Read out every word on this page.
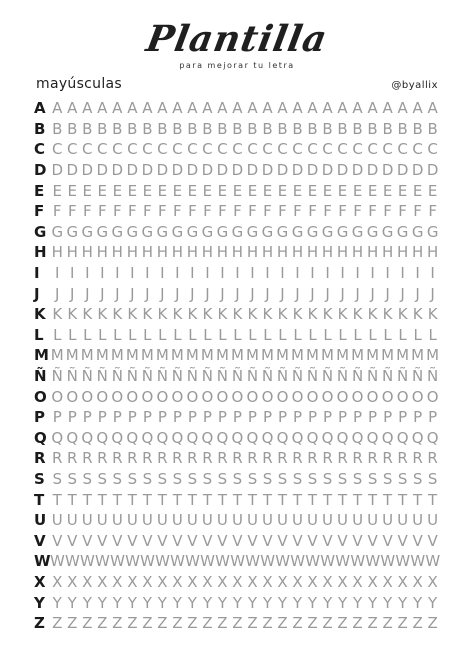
Plantilla
para mejorar tu letra
mayúsculas	@byallix
A A A A A A A A A A A A A A A A A A A A A A A A A A A
B B B B B B B B B B B B B B B B B B B B B B B B B B B
C C C C C C C C C C C C C C C C C C C C C C C C C C C
D D D D D D D D D D D D D D D D D D D D D D D D D D D
E E E E E E E E E E E E E E E E E E E E E E E E E E E
F F F F F F F F F F F F F F F F F F F F F F F F F F F
G G G G G G G G G G G G G G G G G G G G G G G G G G G
H H H H H H H H H H H H H H H H H H H H H H H H H H H
I	I I I I I I I I I I I I I I I I I I I I I I I I I I
J	J J J J J J J J J J J J J J J J J J J J J J J J J J
K K K K K K K K K K K K K K K K K K K K K K K K K K K
L L L L L L L L L L L L L L L L L L L L L L L L L L L
M M M M M M M M M M M M M M M M M M M M M M M M M M M
Ñ Ñ Ñ Ñ Ñ Ñ Ñ Ñ Ñ Ñ Ñ Ñ Ñ Ñ Ñ Ñ Ñ Ñ Ñ Ñ Ñ Ñ Ñ Ñ Ñ Ñ Ñ
O O O O O O O O O O O O O O O O O O O O O O O O O O O
P P P P P P P P P P P P P P P P P P P P P P P P P P P
Q Q Q Q Q Q Q Q Q Q Q Q Q Q Q Q Q Q Q Q Q Q Q Q Q Q Q
R R R R R R R R R R R R R R R R R R R R R R R R R R R
S S S S S S S S S S S S S S S S S S S S S S S S S S S
T T T T T T T T T T T T T T T T T T T T T T T T T T T
U U U U U U U U U U U U U U U U U U U U U U U U U U U
V V V V V V V V V V V V V V V V V V V V V V V V V V V
W W W W W W W W W W W W W W W W W W W W W W W W W W W
X X X X X X X X X X X X X X X X X X X X X X X X X X X
Y Y Y Y Y Y Y Y Y Y Y Y Y Y Y Y Y Y Y Y Y Y Y Y Y Y Y
Z Z Z Z Z Z Z Z Z Z Z Z Z Z Z Z Z Z Z Z Z Z Z Z Z Z Z
